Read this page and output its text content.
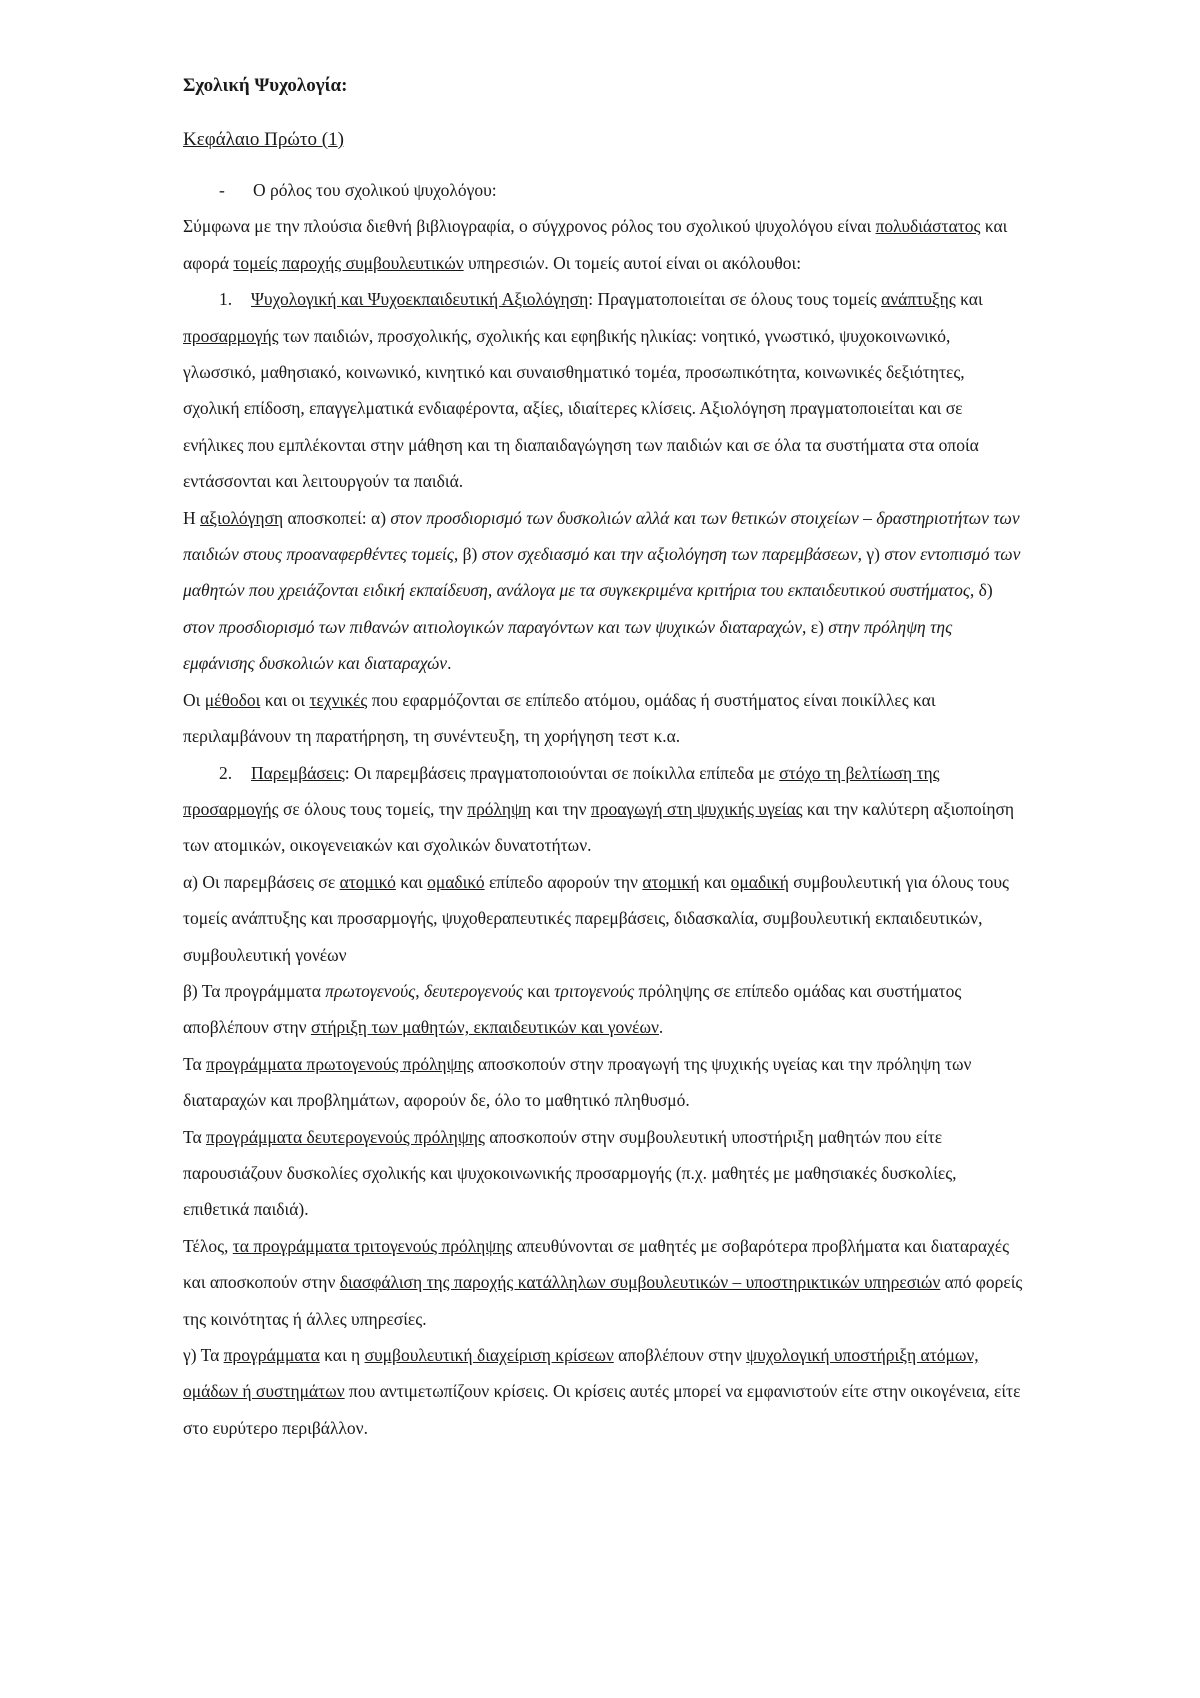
Σχολική Ψυχολογία:

Κεφάλαιο Πρώτο (1)

- Ο ρόλος του σχολικού ψυχολόγου:

Σύμφωνα με την πλούσια διεθνή βιβλιογραφία, ο σύγχρονος ρόλος του σχολικού ψυχολόγου είναι πολυδιάστατος και αφορά τομείς παροχής συμβουλευτικών υπηρεσιών. Οι τομείς αυτοί είναι οι ακόλουθοι:

1. Ψυχολογική και Ψυχοεκπαιδευτική Αξιολόγηση: Πραγματοποιείται σε όλους τους τομείς ανάπτυξης και προσαρμογής των παιδιών, προσχολικής, σχολικής και εφηβικής ηλικίας: νοητικό, γνωστικό, ψυχοκοινωνικό, γλωσσικό, μαθησιακό, κοινωνικό, κινητικό και συναισθηματικό τομέα, προσωπικότητα, κοινωνικές δεξιότητες, σχολική επίδοση, επαγγελματικά ενδιαφέροντα, αξίες, ιδιαίτερες κλίσεις. Αξιολόγηση πραγματοποιείται και σε ενήλικες που εμπλέκονται στην μάθηση και τη διαπαιδαγώγηση των παιδιών και σε όλα τα συστήματα στα οποία εντάσσονται και λειτουργούν τα παιδιά.

Η αξιολόγηση αποσκοπεί: α) στον προσδιορισμό των δυσκολιών αλλά και των θετικών στοιχείων – δραστηριοτήτων των παιδιών στους προαναφερθέντες τομείς, β) στον σχεδιασμό και την αξιολόγηση των παρεμβάσεων, γ) στον εντοπισμό των μαθητών που χρειάζονται ειδική εκπαίδευση, ανάλογα με τα συγκεκριμένα κριτήρια του εκπαιδευτικού συστήματος, δ) στον προσδιορισμό των πιθανών αιτιολογικών παραγόντων και των ψυχικών διαταραχών, ε) στην πρόληψη της εμφάνισης δυσκολιών και διαταραχών.

Οι μέθοδοι και οι τεχνικές που εφαρμόζονται σε επίπεδο ατόμου, ομάδας ή συστήματος είναι ποικίλλες και περιλαμβάνουν τη παρατήρηση, τη συνέντευξη, τη χορήγηση τεστ κ.α.

2. Παρεμβάσεις: Οι παρεμβάσεις πραγματοποιούνται σε ποίκιλλα επίπεδα με στόχο τη βελτίωση της προσαρμογής σε όλους τους τομείς, την πρόληψη και την προαγωγή στη ψυχικής υγείας και την καλύτερη αξιοποίηση των ατομικών, οικογενειακών και σχολικών δυνατοτήτων.

α) Οι παρεμβάσεις σε ατομικό και ομαδικό επίπεδο αφορούν την ατομική και ομαδική συμβουλευτική για όλους τους τομείς ανάπτυξης και προσαρμογής, ψυχοθεραπευτικές παρεμβάσεις, διδασκαλία, συμβουλευτική εκπαιδευτικών, συμβουλευτική γονέων

β) Τα προγράμματα πρωτογενούς, δευτερογενούς και τριτογενούς πρόληψης σε επίπεδο ομάδας και συστήματος αποβλέπουν στην στήριξη των μαθητών, εκπαιδευτικών και γονέων.

Τα προγράμματα πρωτογενούς πρόληψης αποσκοπούν στην προαγωγή της ψυχικής υγείας και την πρόληψη των διαταραχών και προβλημάτων, αφορούν δε, όλο το μαθητικό πληθυσμό.

Τα προγράμματα δευτερογενούς πρόληψης αποσκοπούν στην συμβουλευτική υποστήριξη μαθητών που είτε παρουσιάζουν δυσκολίες σχολικής και ψυχοκοινωνικής προσαρμογής (π.χ. μαθητές με μαθησιακές δυσκολίες, επιθετικά παιδιά).

Τέλος, τα προγράμματα τριτογενούς πρόληψης απευθύνονται σε μαθητές με σοβαρότερα προβλήματα και διαταραχές και αποσκοπούν στην διασφάλιση της παροχής κατάλληλων συμβουλευτικών – υποστηρικτικών υπηρεσιών από φορείς της κοινότητας ή άλλες υπηρεσίες.

γ) Τα προγράμματα και η συμβουλευτική διαχείριση κρίσεων αποβλέπουν στην ψυχολογική υποστήριξη ατόμων, ομάδων ή συστημάτων που αντιμετωπίζουν κρίσεις. Οι κρίσεις αυτές μπορεί να εμφανιστούν είτε στην οικογένεια, είτε στο ευρύτερο περιβάλλον.
